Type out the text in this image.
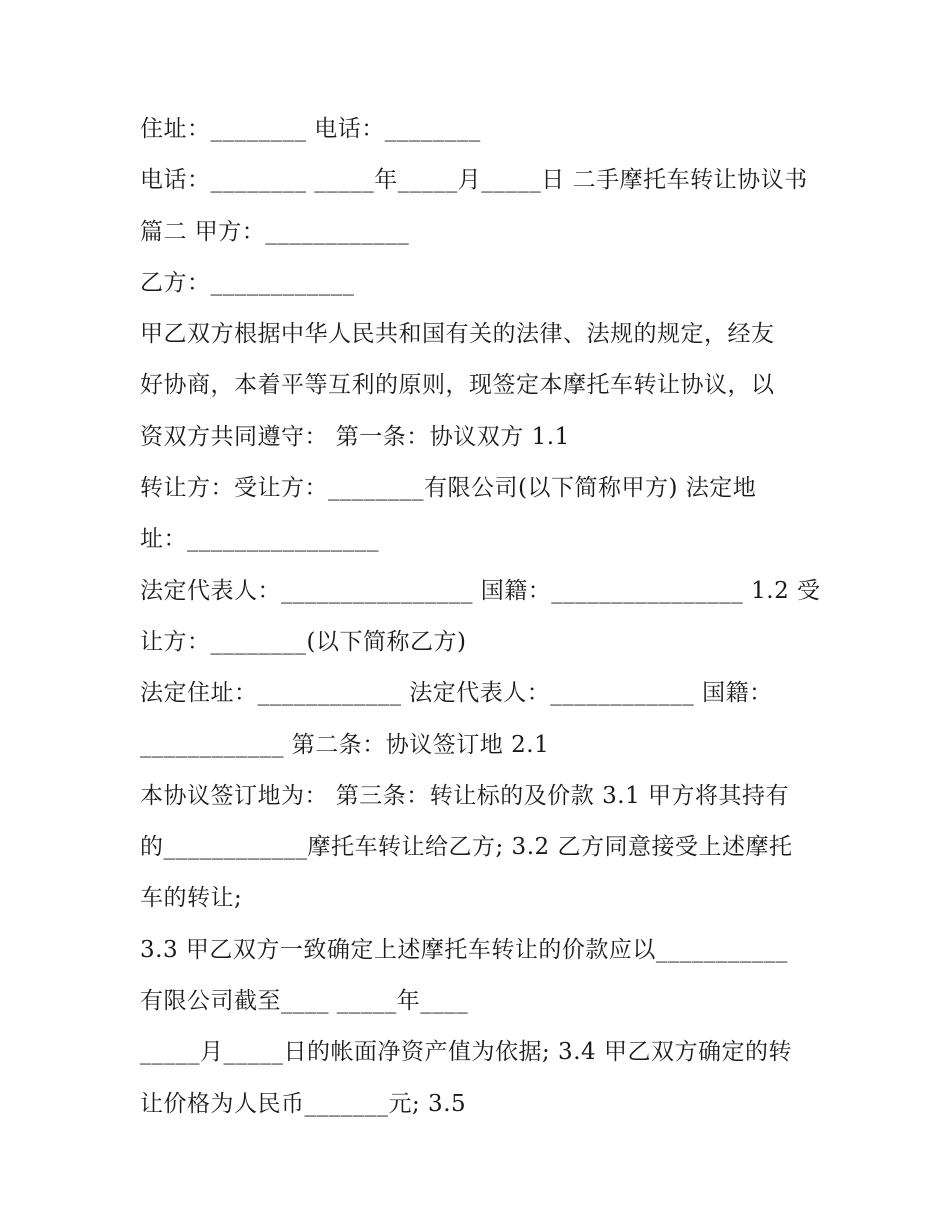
住址：________ 电话：________
电话：________ _____年_____月_____日 二手摩托车转让协议书
篇二 甲方：____________
乙方：____________
甲乙双方根据中华人民共和国有关的法律、法规的规定，经友
好协商，本着平等互利的原则，现签定本摩托车转让协议，以
资双方共同遵守： 第一条：协议双方 1.1
转让方：受让方：________有限公司(以下简称甲方) 法定地
址：________________
法定代表人：________________ 国籍：________________ 1.2 受
让方：________(以下简称乙方)
法定住址：____________ 法定代表人：____________ 国籍：
____________ 第二条：协议签订地 2.1
本协议签订地为： 第三条：转让标的及价款 3.1 甲方将其持有
的____________摩托车转让给乙方; 3.2 乙方同意接受上述摩托
车的转让;
3.3 甲乙双方一致确定上述摩托车转让的价款应以___________
有限公司截至____ _____年____
_____月_____日的帐面净资产值为依据; 3.4 甲乙双方确定的转
让价格为人民币_______元; 3.5
